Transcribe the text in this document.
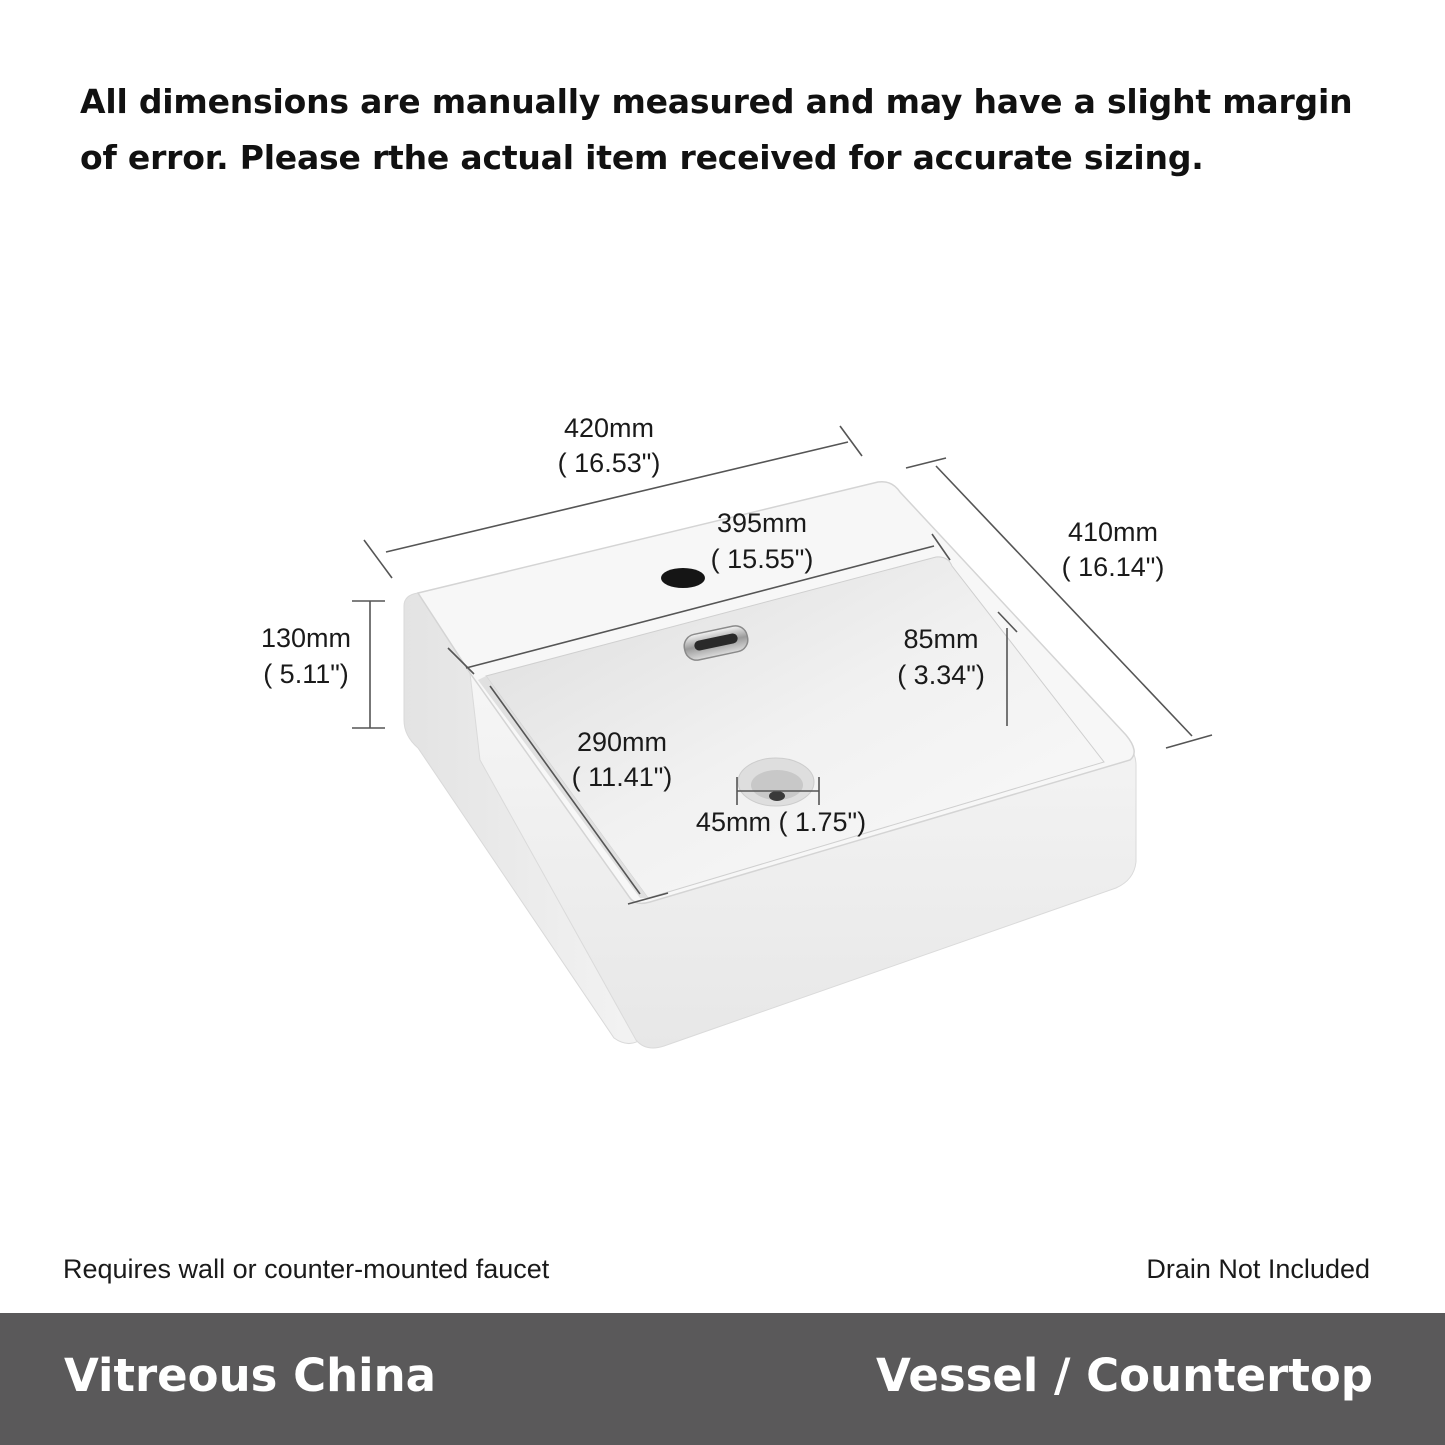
All dimensions are manually measured and may have a slight margin of error. Please rthe actual item received for accurate sizing.

420mm
( 16.53")
395mm
( 15.55")
410mm
( 16.14")
130mm
( 5.11")
85mm
( 3.34")
290mm
( 11.41")
45mm ( 1.75")
Requires wall or counter-mounted faucet	Drain Not Included
Vitreous China	Vessel / Countertop
